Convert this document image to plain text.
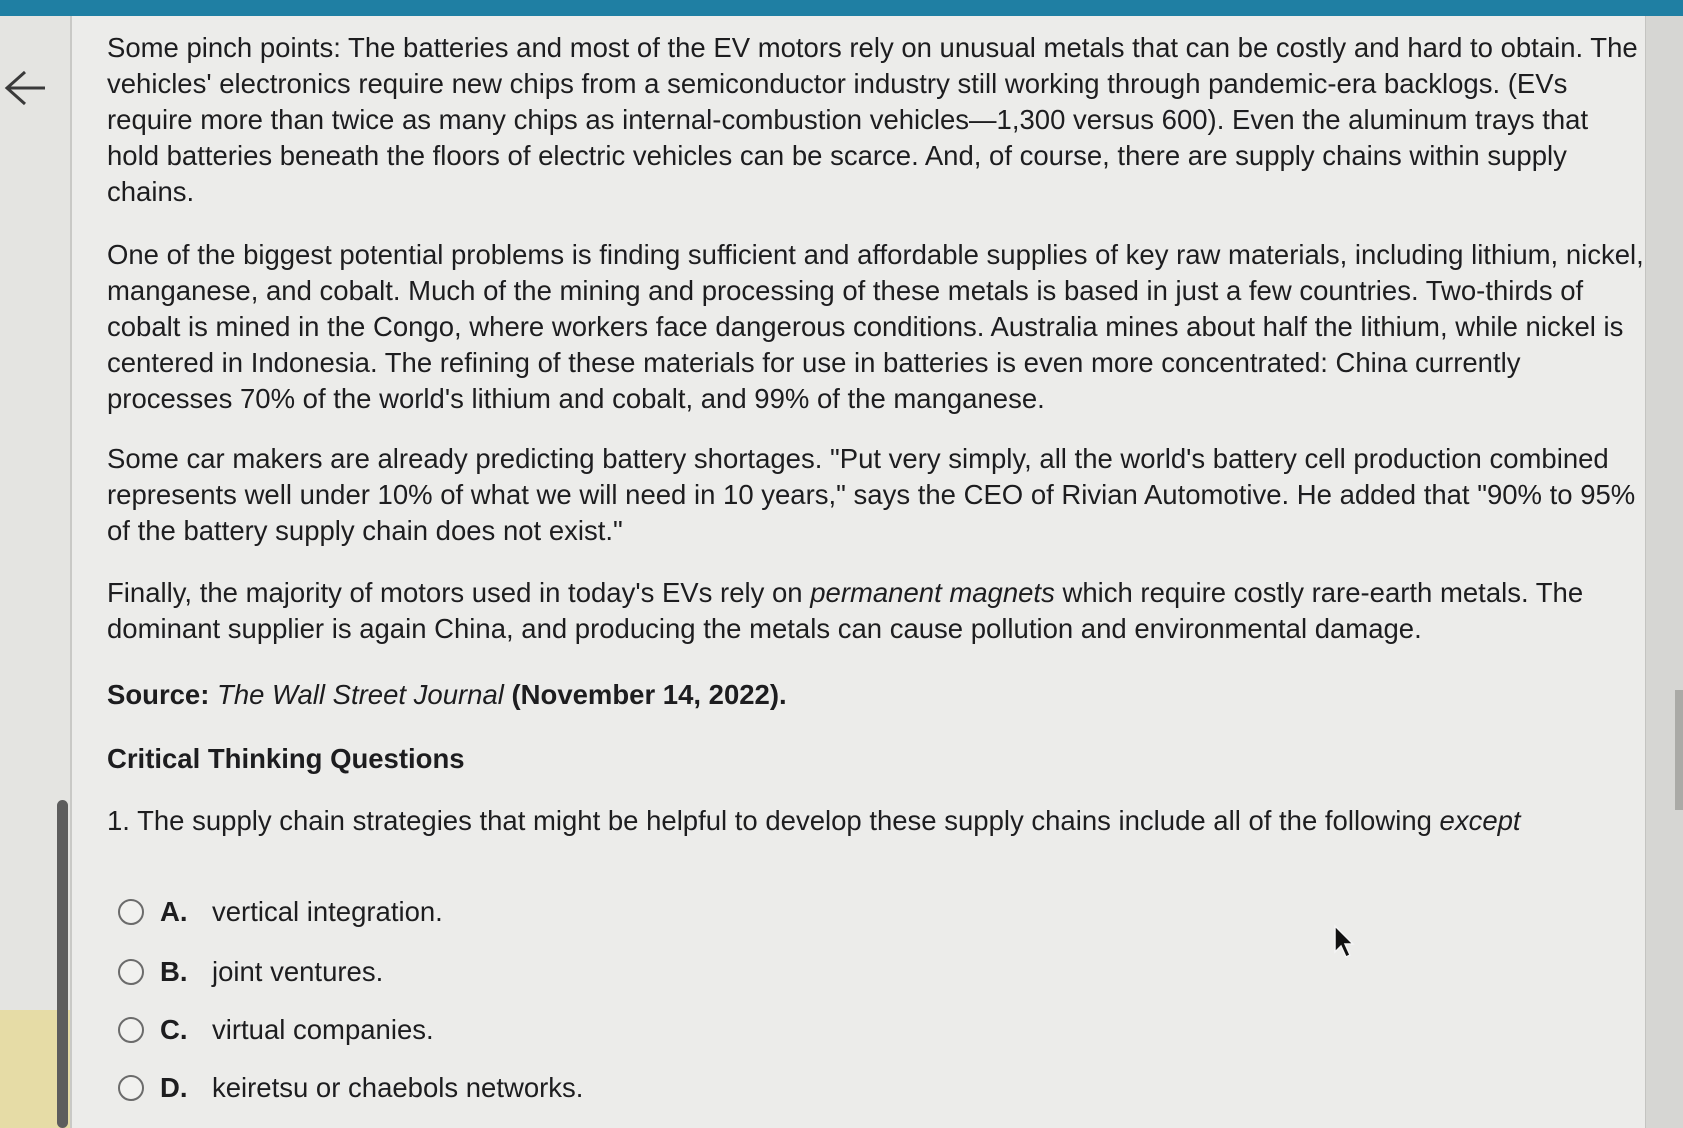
Some pinch points: The batteries and most of the EV motors rely on unusual metals that can be costly and hard to obtain. The vehicles' electronics require new chips from a semiconductor industry still working through pandemic-era backlogs. (EVs require more than twice as many chips as internal-combustion vehicles—1,300 versus 600). Even the aluminum trays that hold batteries beneath the floors of electric vehicles can be scarce. And, of course, there are supply chains within supply chains.

One of the biggest potential problems is finding sufficient and affordable supplies of key raw materials, including lithium, nickel, manganese, and cobalt. Much of the mining and processing of these metals is based in just a few countries. Two-thirds of cobalt is mined in the Congo, where workers face dangerous conditions. Australia mines about half the lithium, while nickel is centered in Indonesia. The refining of these materials for use in batteries is even more concentrated: China currently processes 70% of the world's lithium and cobalt, and 99% of the manganese.

Some car makers are already predicting battery shortages. "Put very simply, all the world's battery cell production combined represents well under 10% of what we will need in 10 years," says the CEO of Rivian Automotive. He added that "90% to 95% of the battery supply chain does not exist."

Finally, the majority of motors used in today's EVs rely on permanent magnets which require costly rare-earth metals. The dominant supplier is again China, and producing the metals can cause pollution and environmental damage.

Source: The Wall Street Journal (November 14, 2022).

Critical Thinking Questions

1. The supply chain strategies that might be helpful to develop these supply chains include all of the following except

A. vertical integration.
B. joint ventures.
C. virtual companies.
D. keiretsu or chaebols networks.
